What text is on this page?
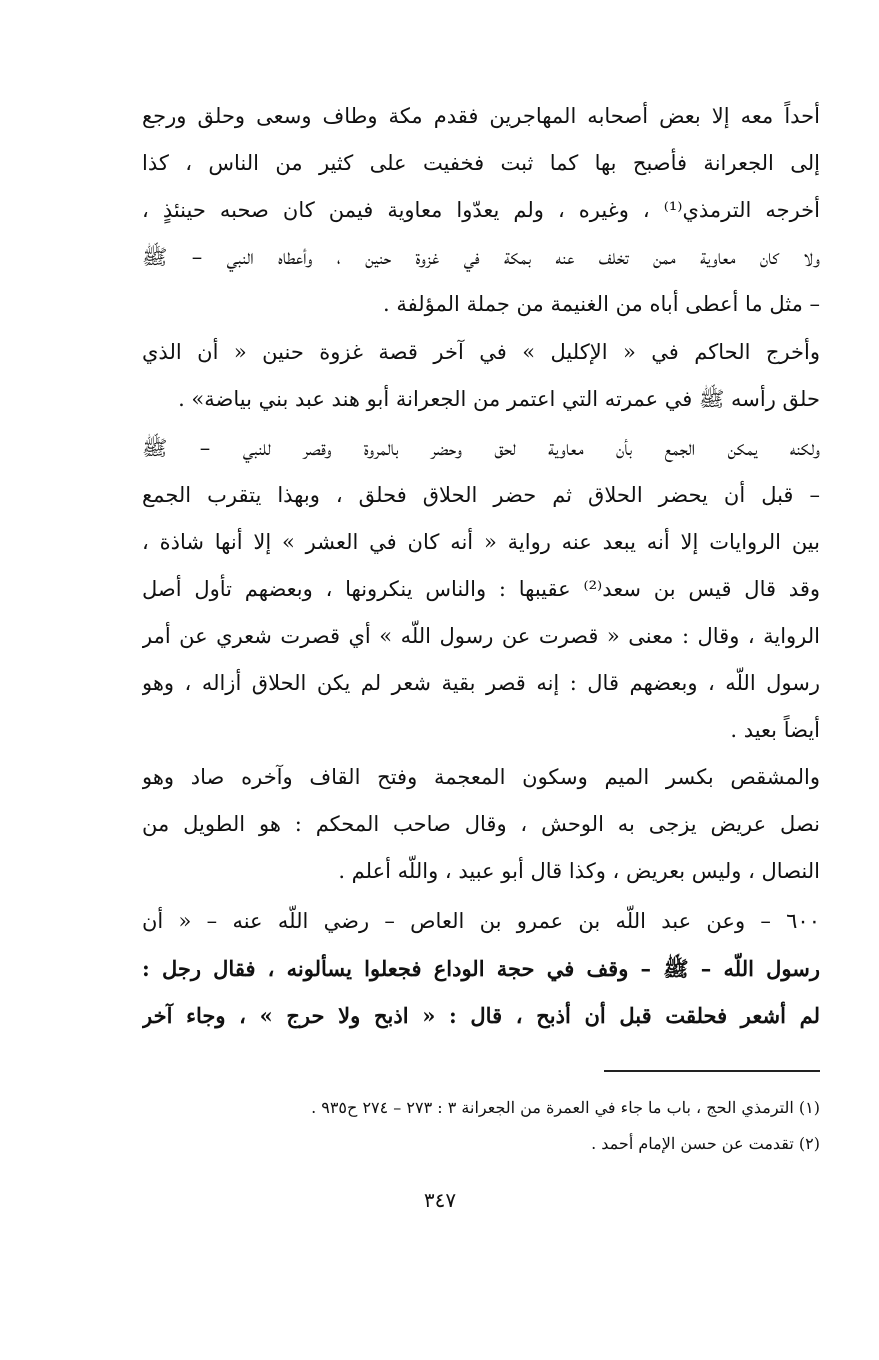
أحداً معه إلا بعض أصحابه المهاجرين فقدم مكة وطاف وسعى وحلق ورجع
إلى الجعرانة فأصبح بها كما ثبت فخفيت على كثير من الناس ، كذا
أخرجه الترمذي⁽¹⁾ ، وغيره ، ولم يعدّوا معاوية فيمن كان صحبه حينئذٍ ،
ولا كان معاوية ممن تخلف عنه بمكة في غزوة حنين ، وأعطاه النبي – ﷺ
– مثل ما أعطى أباه من الغنيمة من جملة المؤلفة .
وأخرج الحاكم في « الإكليل » في آخر قصة غزوة حنين « أن الذي
حلق رأسه ﷺ في عمرته التي اعتمر من الجعرانة أبو هند عبد بني بياضة» .
ولكنه يمكن الجمع بأن معاوية لحق وحضر بالمروة وقصر للنبي – ﷺ
– قبل أن يحضر الحلاق ثم حضر الحلاق فحلق ، وبهذا يتقرب الجمع
بين الروايات إلا أنه يبعد عنه رواية « أنه كان في العشر » إلا أنها شاذة ،
وقد قال قيس بن سعد⁽²⁾ عقيبها : والناس ينكرونها ، وبعضهم تأول أصل
الرواية ، وقال : معنى « قصرت عن رسول اللّه » أي قصرت شعري عن أمر
رسول اللّه ، وبعضهم قال : إنه قصر بقية شعر لم يكن الحلاق أزاله ، وهو
أيضاً بعيد .
والمشقص بكسر الميم وسكون المعجمة وفتح القاف وآخره صاد وهو
نصل عريض يزجى به الوحش ، وقال صاحب المحكم : هو الطويل من
النصال ، وليس بعريض ، وكذا قال أبو عبيد ، واللّه أعلم .
٦٠٠ – وعن عبد اللّه بن عمرو بن العاص – رضي اللّه عنه – « أن
رسول اللّه – ﷺ – وقف في حجة الوداع فجعلوا يسألونه ، فقال رجل :
لم أشعر فحلقت قبل أن أذبح ، قال : « اذبح ولا حرج » ، وجاء آخر
(١) الترمذي الحج ، باب ما جاء في العمرة من الجعرانة ٣ : ٢٧٣ – ٢٧٤ ح٩٣٥ .
(٢) تقدمت عن حسن الإمام أحمد .
٣٤٧
